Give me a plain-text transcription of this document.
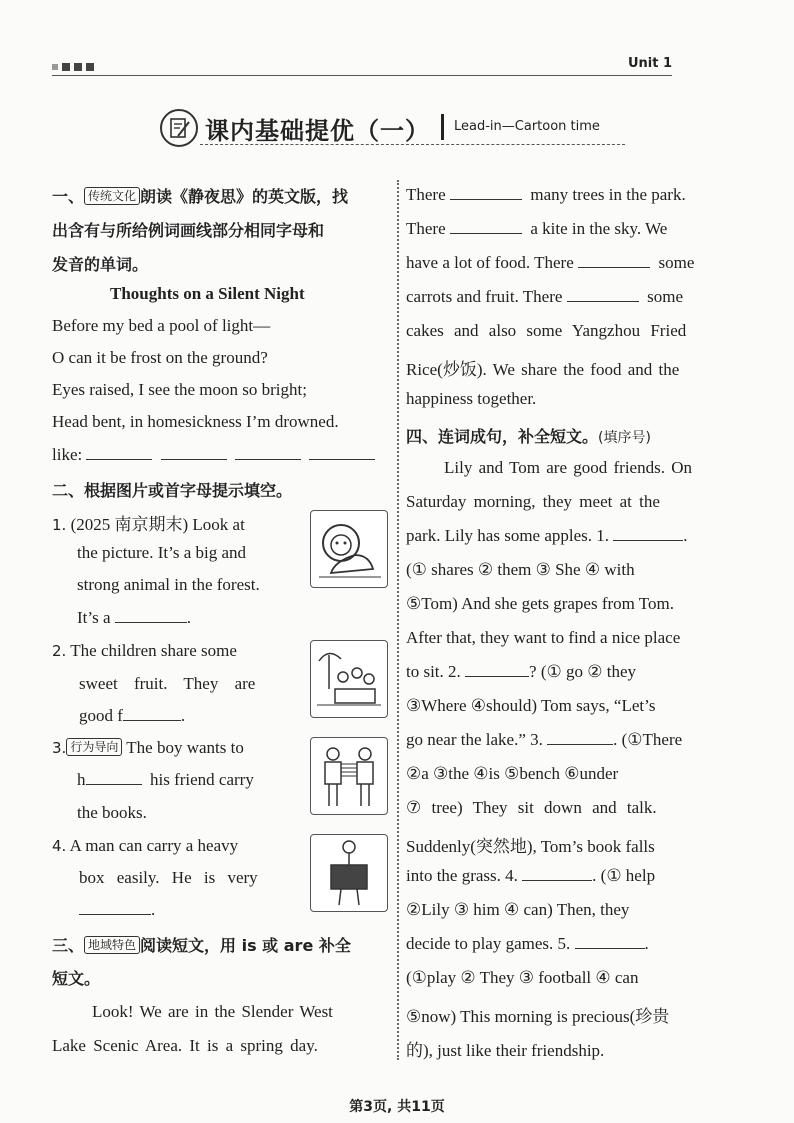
Unit 1
课内基础提优（一） Lead-in—Cartoon time
一、 传统文化 朗读《静夜思》的英文版，找
出含有与所给例词画线部分相同字母和
发音的单词。
Thoughts on a Silent Night
Before my bed a pool of light—
O can it be frost on the ground?
Eyes raised, I see the moon so bright;
Head bent, in homesickness I’m drowned.
like:
二、根据图片或首字母提示填空。
1. (2025 南京期末) Look at
the picture. It’s a big and
strong animal in the forest.
It’s a	.
2. The children share some
sweet fruit. They are
good f	.
3. 行为导向 The boy wants to
h	his friend carry
the books.
4. A man can carry a heavy
box easily. He is very
.
三、 地域特色 阅读短文，用 is 或 are 补全
短文。
Look! We are in the Slender West
Lake Scenic Area. It is a spring day.
There	many trees in the park.
There	a kite in the sky. We
have a lot of food. There	some
carrots and fruit. There	some
cakes and also some Yangzhou Fried
Rice(炒饭). We share the food and the
happiness together.
四、连词成句，补全短文。(填序号)
Lily and Tom are good friends. On
Saturday morning, they meet at the
park. Lily has some apples. 1.	.
(① shares ② them ③ She ④ with
⑤Tom) And she gets grapes from Tom.
After that, they want to find a nice place
to sit. 2.	? (① go ② they
③Where ④should) Tom says, “Let’s
go near the lake.” 3.	. (①There
②a ③the ④is ⑤bench ⑥under
⑦ tree) They sit down and talk.
Suddenly(突然地), Tom’s book falls
into the grass. 4.	. (① help
②Lily ③ him ④ can) Then, they
decide to play games. 5.	.
(①play ② They ③ football ④ can
⑤now) This morning is precious(珍贵
的), just like their friendship.
第3页, 共11页
